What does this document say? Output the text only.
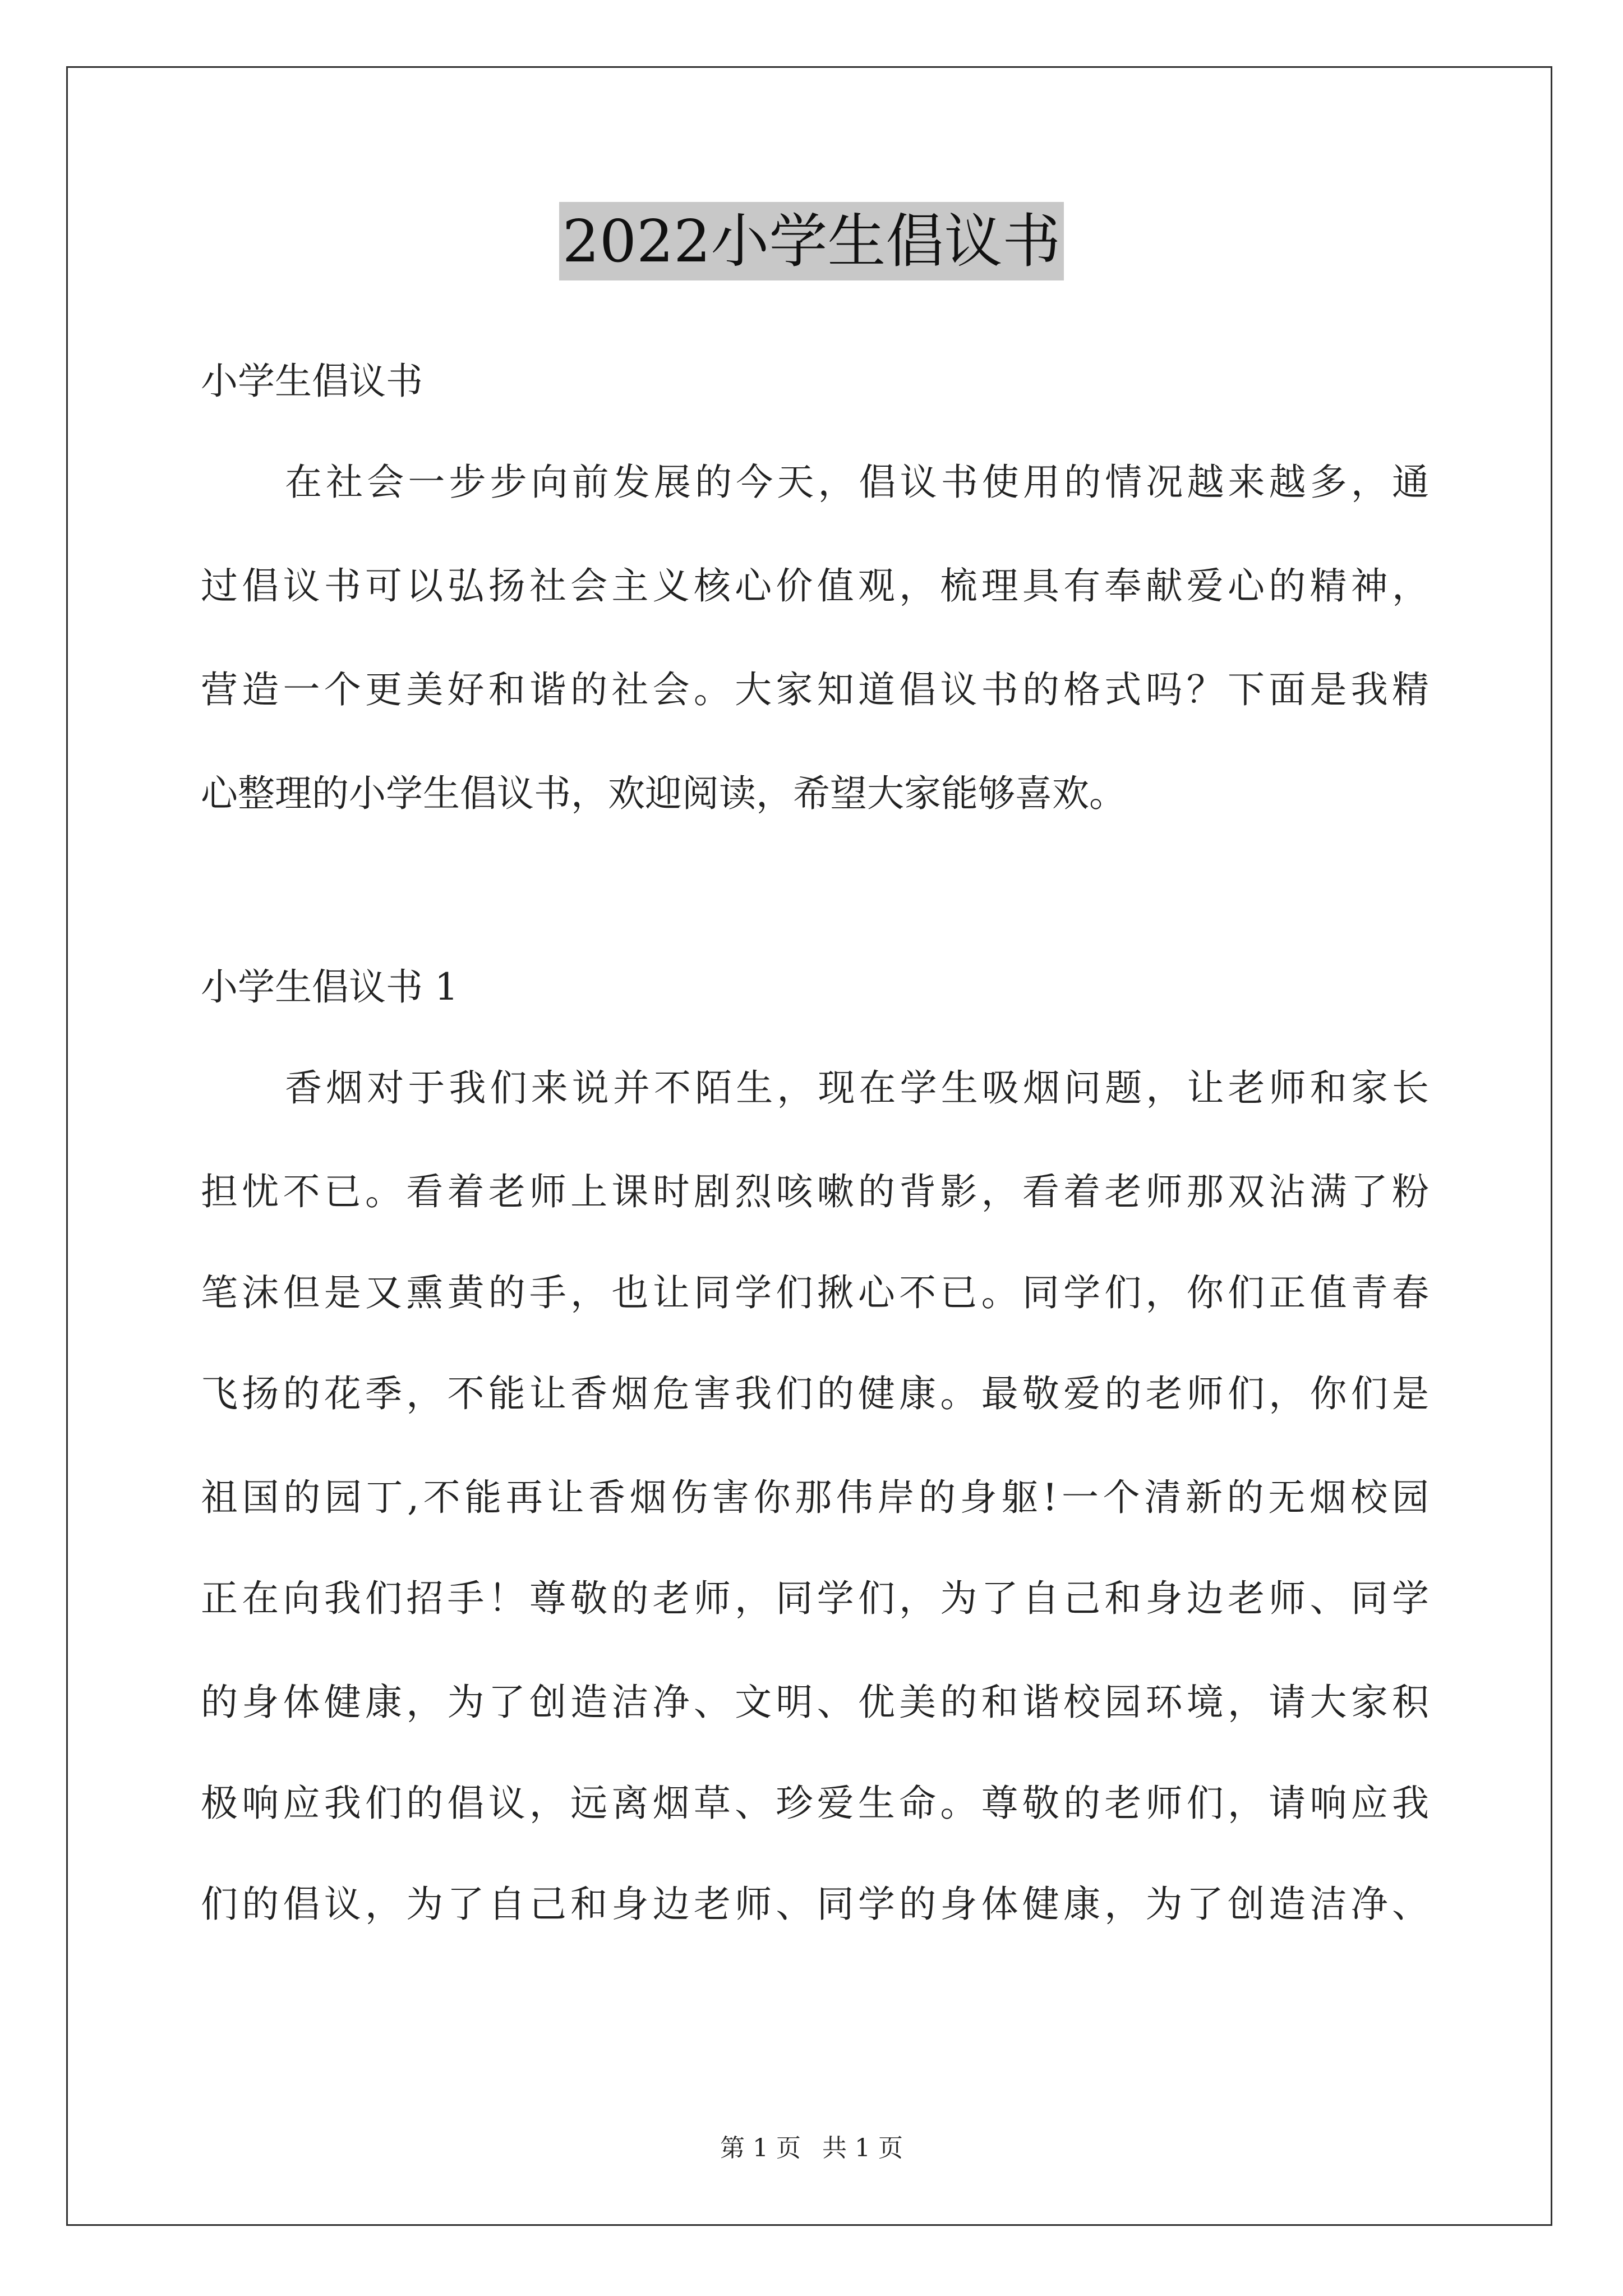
2022小学生倡议书
小学生倡议书
在社会一步步向前发展的今天，倡议书使用的情况越来越多，通
过倡议书可以弘扬社会主义核心价值观，梳理具有奉献爱心的精神，
营造一个更美好和谐的社会。大家知道倡议书的格式吗？下面是我精
心整理的小学生倡议书，欢迎阅读，希望大家能够喜欢。
小学生倡议书 1
香烟对于我们来说并不陌生，现在学生吸烟问题，让老师和家长
担忧不已。看着老师上课时剧烈咳嗽的背影，看着老师那双沾满了粉
笔沫但是又熏黄的手，也让同学们揪心不已。同学们，你们正值青春
飞扬的花季，不能让香烟危害我们的健康。最敬爱的老师们，你们是
祖国的园丁,不能再让香烟伤害你那伟岸的身躯!一个清新的无烟校园
正在向我们招手！尊敬的老师，同学们，为了自己和身边老师、同学
的身体健康，为了创造洁净、文明、优美的和谐校园环境，请大家积
极响应我们的倡议，远离烟草、珍爱生命。尊敬的老师们，请响应我
们的倡议，为了自己和身边老师、同学的身体健康，为了创造洁净、
第 1 页 共 1 页
